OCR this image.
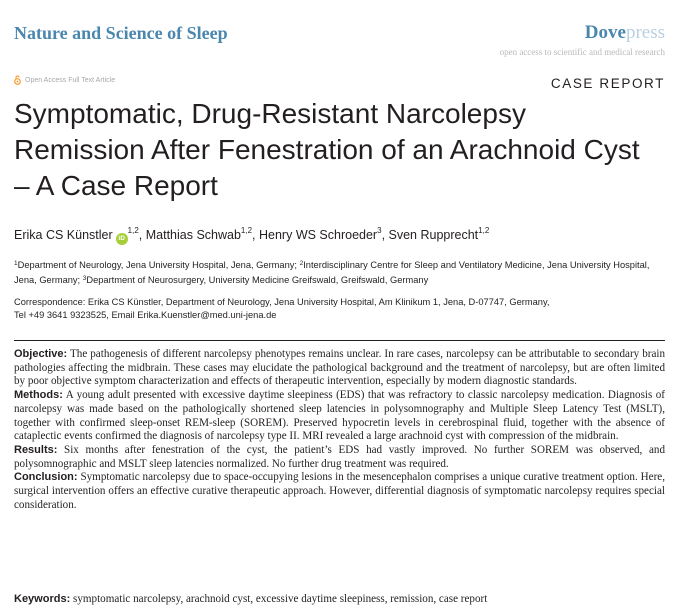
Nature and Science of Sleep	Dovepress
open access to scientific and medical research
Open Access Full Text Article	CASE REPORT
Symptomatic, Drug-Resistant Narcolepsy Remission After Fenestration of an Arachnoid Cyst – A Case Report
Erika CS Künstler iD$^{1,2}$, Matthias Schwab$^{1,2}$, Henry WS Schroeder$^3$, Sven Rupprecht$^{1,2}$
$^1$Department of Neurology, Jena University Hospital, Jena, Germany; $^2$Interdisciplinary Centre for Sleep and Ventilatory Medicine, Jena University Hospital, Jena, Germany; $^3$Department of Neurosurgery, University Medicine Greifswald, Greifswald, Germany
Correspondence: Erika CS Künstler, Department of Neurology, Jena University Hospital, Am Klinikum 1, Jena, D-07747, Germany,
Tel +49 3641 9323525, Email Erika.Kuenstler@med.uni-jena.de

Objective: The pathogenesis of different narcolepsy phenotypes remains unclear. In rare cases, narcolepsy can be attributable to secondary brain pathologies affecting the midbrain. These cases may elucidate the pathological background and the treatment of narcolepsy, but are often limited by poor objective symptom characterization and effects of therapeutic intervention, especially by modern diagnostic standards.

Methods: A young adult presented with excessive daytime sleepiness (EDS) that was refractory to classic narcolepsy medication. Diagnosis of narcolepsy was made based on the pathologically shortened sleep latencies in polysomnography and Multiple Sleep Latency Test (MSLT), together with confirmed sleep-onset REM-sleep (SOREM). Preserved hypocretin levels in cerebrospinal fluid, together with the absence of cataplectic events confirmed the diagnosis of narcolepsy type II. MRI revealed a large arachnoid cyst with compression of the midbrain.

Results: Six months after fenestration of the cyst, the patient’s EDS had vastly improved. No further SOREM was observed, and polysomnographic and MSLT sleep latencies normalized. No further drug treatment was required.

Conclusion: Symptomatic narcolepsy due to space-occupying lesions in the mesencephalon comprises a unique curative treatment option. Here, surgical intervention offers an effective curative therapeutic approach. However, differential diagnosis of symptomatic narcolepsy requires special consideration.

Keywords: symptomatic narcolepsy, arachnoid cyst, excessive daytime sleepiness, remission, case report
